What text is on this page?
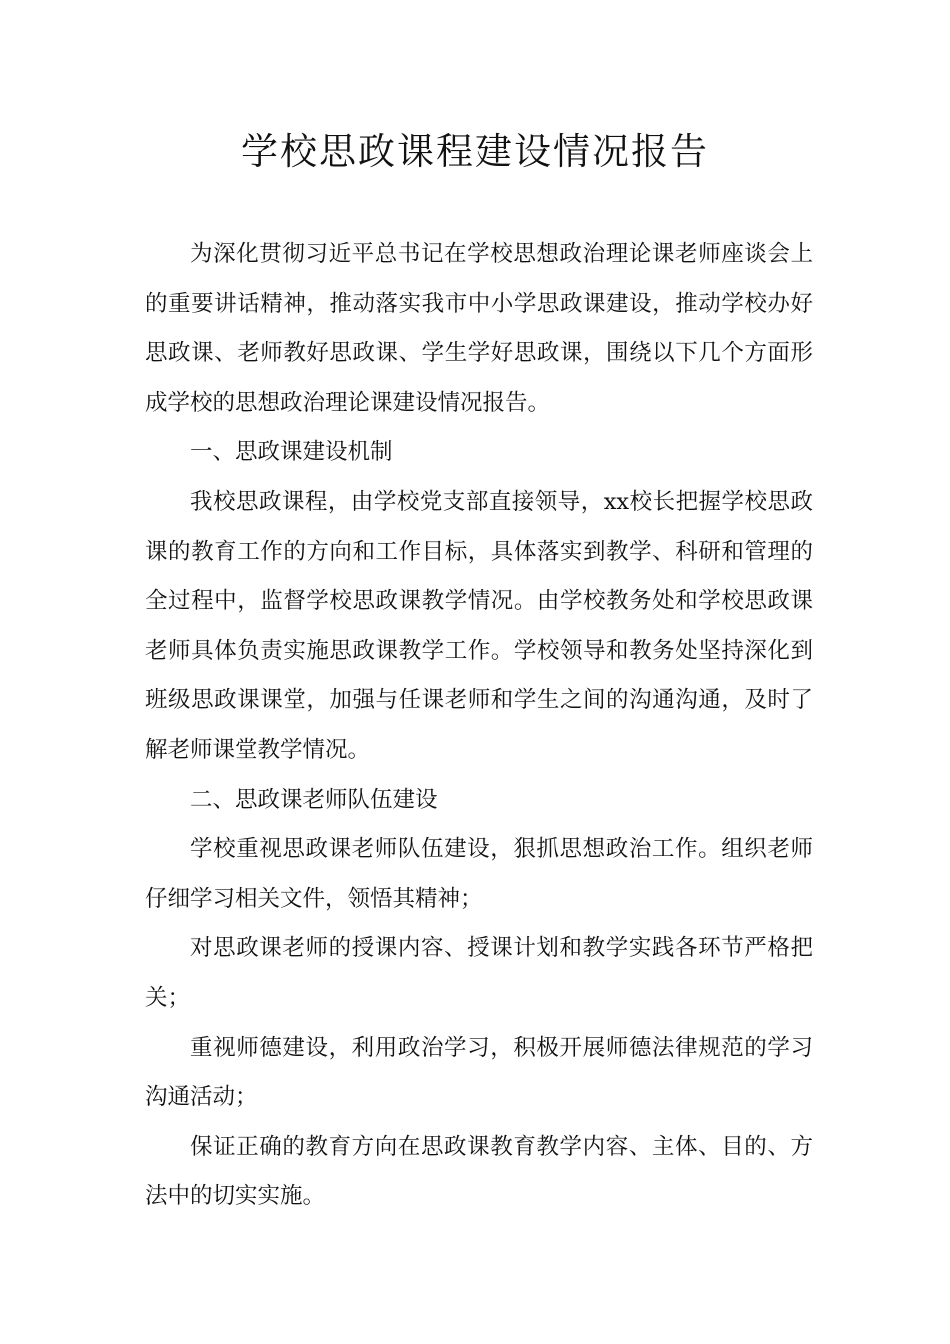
学校思政课程建设情况报告

为深化贯彻习近平总书记在学校思想政治理论课老师座谈会上的重要讲话精神，推动落实我市中小学思政课建设，推动学校办好思政课、老师教好思政课、学生学好思政课，围绕以下几个方面形成学校的思想政治理论课建设情况报告。

一、思政课建设机制

我校思政课程，由学校党支部直接领导，xx校长把握学校思政课的教育工作的方向和工作目标，具体落实到教学、科研和管理的全过程中，监督学校思政课教学情况。由学校教务处和学校思政课老师具体负责实施思政课教学工作。学校领导和教务处坚持深化到班级思政课课堂，加强与任课老师和学生之间的沟通沟通，及时了解老师课堂教学情况。

二、思政课老师队伍建设

学校重视思政课老师队伍建设，狠抓思想政治工作。组织老师仔细学习相关文件，领悟其精神；

对思政课老师的授课内容、授课计划和教学实践各环节严格把关；

重视师德建设，利用政治学习，积极开展师德法律规范的学习沟通活动；

保证正确的教育方向在思政课教育教学内容、主体、目的、方法中的切实实施。
